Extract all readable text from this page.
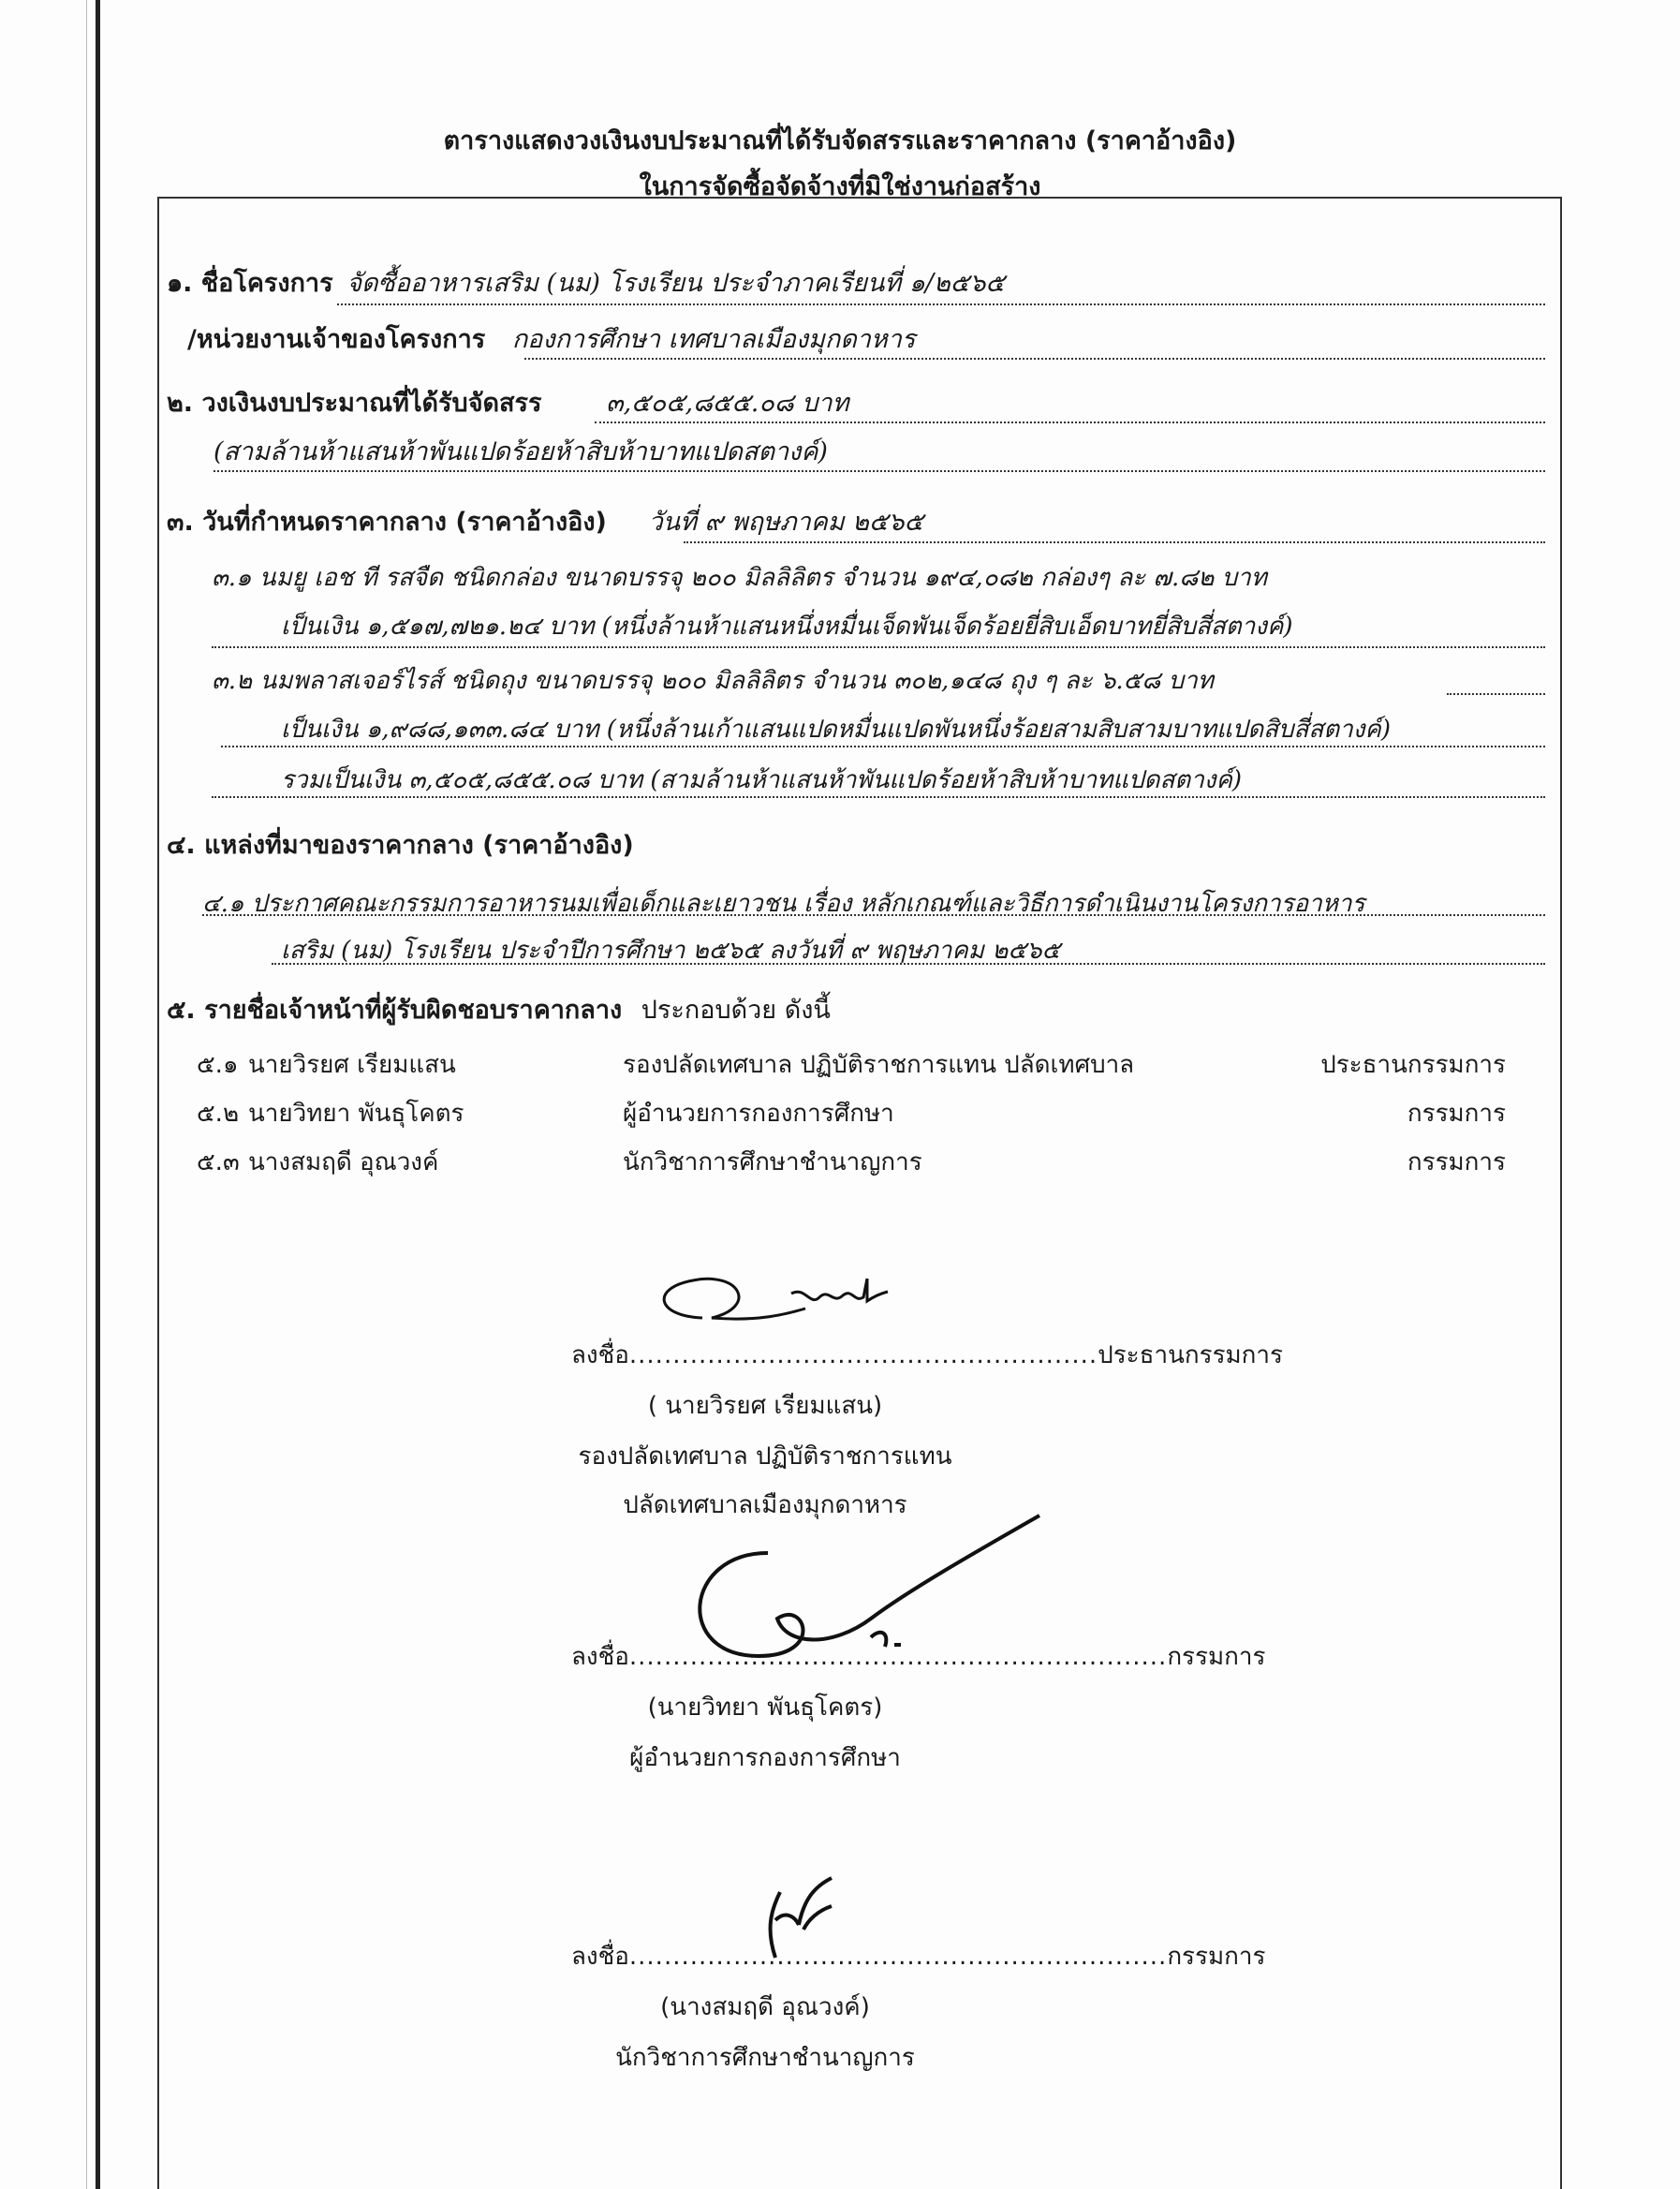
ตารางแสดงวงเงินงบประมาณที่ได้รับจัดสรรและราคากลาง (ราคาอ้างอิง)
ในการจัดซื้อจัดจ้างที่มิใช่งานก่อสร้าง
๑. ชื่อโครงการ จัดซื้ออาหารเสริม (นม) โรงเรียน ประจำภาคเรียนที่ ๑/๒๕๖๕
/หน่วยงานเจ้าของโครงการ กองการศึกษา เทศบาลเมืองมุกดาหาร
๒. วงเงินงบประมาณที่ได้รับจัดสรร	๓,๕๐๕,๘๕๕.๐๘ บาท
(สามล้านห้าแสนห้าพันแปดร้อยห้าสิบห้าบาทแปดสตางค์)
๓. วันที่กำหนดราคากลาง (ราคาอ้างอิง) วันที่ ๙ พฤษภาคม ๒๕๖๕
๓.๑ นมยู เอช ที รสจืด ชนิดกล่อง ขนาดบรรจุ ๒๐๐ มิลลิลิตร จำนวน ๑๙๔,๐๘๒ กล่องๆ ละ ๗.๘๒ บาท
เป็นเงิน ๑,๕๑๗,๗๒๑.๒๔ บาท (หนึ่งล้านห้าแสนหนึ่งหมื่นเจ็ดพันเจ็ดร้อยยี่สิบเอ็ดบาทยี่สิบสี่สตางค์)
๓.๒ นมพลาสเจอร์ไรส์ ชนิดถุง ขนาดบรรจุ ๒๐๐ มิลลิลิตร จำนวน ๓๐๒,๑๔๘ ถุง ๆ ละ ๖.๕๘ บาท
เป็นเงิน ๑,๙๘๘,๑๓๓.๘๔ บาท (หนึ่งล้านเก้าแสนแปดหมื่นแปดพันหนึ่งร้อยสามสิบสามบาทแปดสิบสี่สตางค์)
รวมเป็นเงิน ๓,๕๐๕,๘๕๕.๐๘ บาท (สามล้านห้าแสนห้าพันแปดร้อยห้าสิบห้าบาทแปดสตางค์)
๔. แหล่งที่มาของราคากลาง (ราคาอ้างอิง)
๔.๑ ประกาศคณะกรรมการอาหารนมเพื่อเด็กและเยาวชน เรื่อง หลักเกณฑ์และวิธีการดำเนินงานโครงการอาหาร
เสริม (นม) โรงเรียน ประจำปีการศึกษา ๒๕๖๕ ลงวันที่ ๙ พฤษภาคม ๒๕๖๕
๕. รายชื่อเจ้าหน้าที่ผู้รับผิดชอบราคากลาง ประกอบด้วย ดังนี้
๕.๑ นายวิรยศ เรียมแสน	รองปลัดเทศบาล ปฏิบัติราชการแทน ปลัดเทศบาล	ประธานกรรมการ
๕.๒ นายวิทยา พันธุโคตร	ผู้อำนวยการกองการศึกษา	กรรมการ
๕.๓ นางสมฤดี อุณวงค์	นักวิชาการศึกษาชำนาญการ	กรรมการ
ลงชื่อ......................................................ประธานกรรมการ
( นายวิรยศ เรียมแสน)
รองปลัดเทศบาล ปฏิบัติราชการแทน
ปลัดเทศบาลเมืองมุกดาหาร
ลงชื่อ..............................................................กรรมการ
(นายวิทยา พันธุโคตร)
ผู้อำนวยการกองการศึกษา
ลงชื่อ..............................................................กรรมการ
(นางสมฤดี อุณวงค์)
นักวิชาการศึกษาชำนาญการ
